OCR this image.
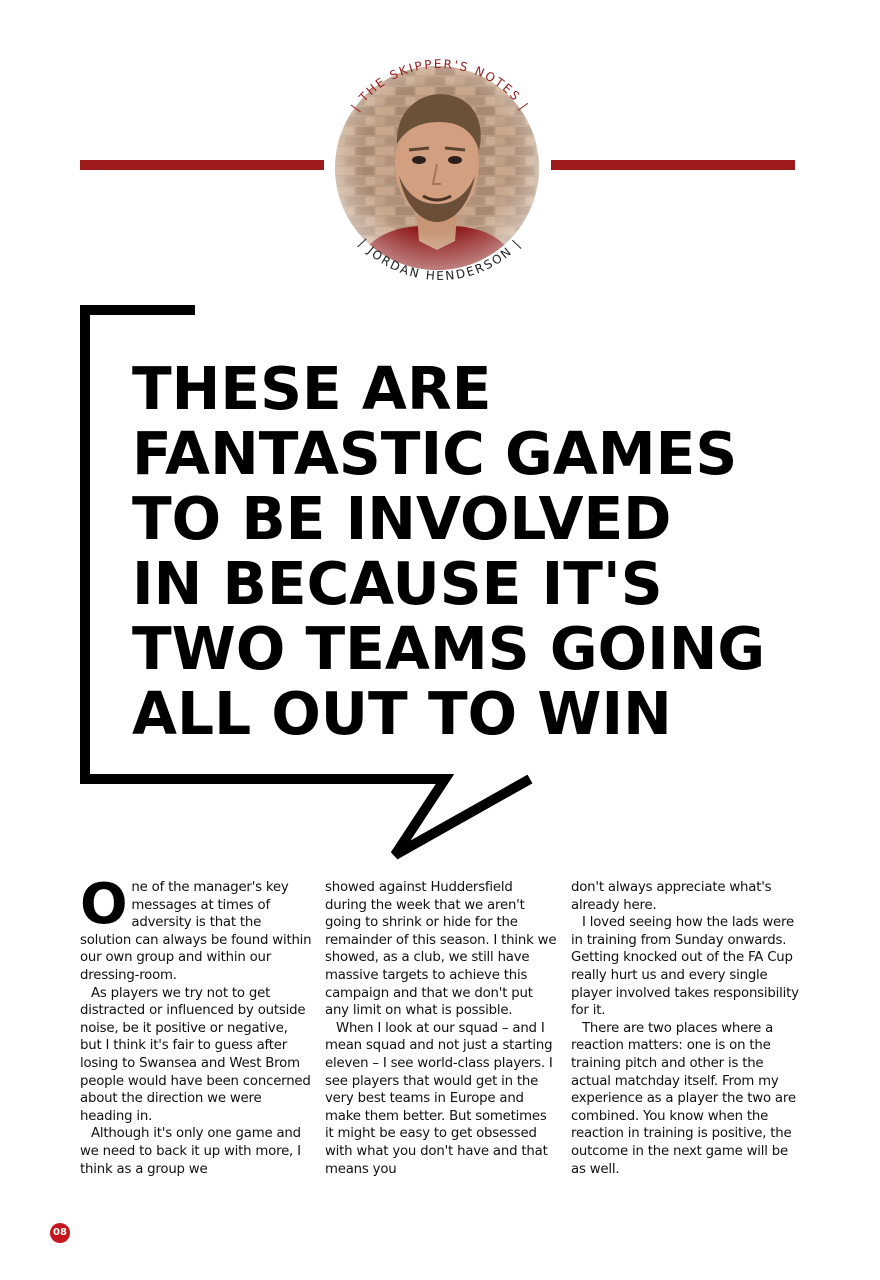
| THE SKIPPER'S NOTES |
| JORDAN HENDERSON |
THESE ARE
FANTASTIC GAMES
TO BE INVOLVED
IN BECAUSE IT'S
TWO TEAMS GOING
ALL OUT TO WIN
O ne of the manager's key messages at times of adversity is that the solution can always be found within our own group and within our dressing-room.

As players we try not to get distracted or influenced by outside noise, be it positive or negative, but I think it's fair to guess after losing to Swansea and West Brom people would have been concerned about the direction we were heading in.

Although it's only one game and we need to back it up with more, I think as a group we

showed against Huddersfield during the week that we aren't going to shrink or hide for the remainder of this season. I think we showed, as a club, we still have massive targets to achieve this campaign and that we don't put any limit on what is possible.

When I look at our squad – and I mean squad and not just a starting eleven – I see world-class players. I see players that would get in the very best teams in Europe and make them better. But sometimes it might be easy to get obsessed with what you don't have and that means you

don't always appreciate what's already here.

I loved seeing how the lads were in training from Sunday onwards. Getting knocked out of the FA Cup really hurt us and every single player involved takes responsibility for it.

There are two places where a reaction matters: one is on the training pitch and other is the actual matchday itself. From my experience as a player the two are combined. You know when the reaction in training is positive, the outcome in the next game will be as well.

08
